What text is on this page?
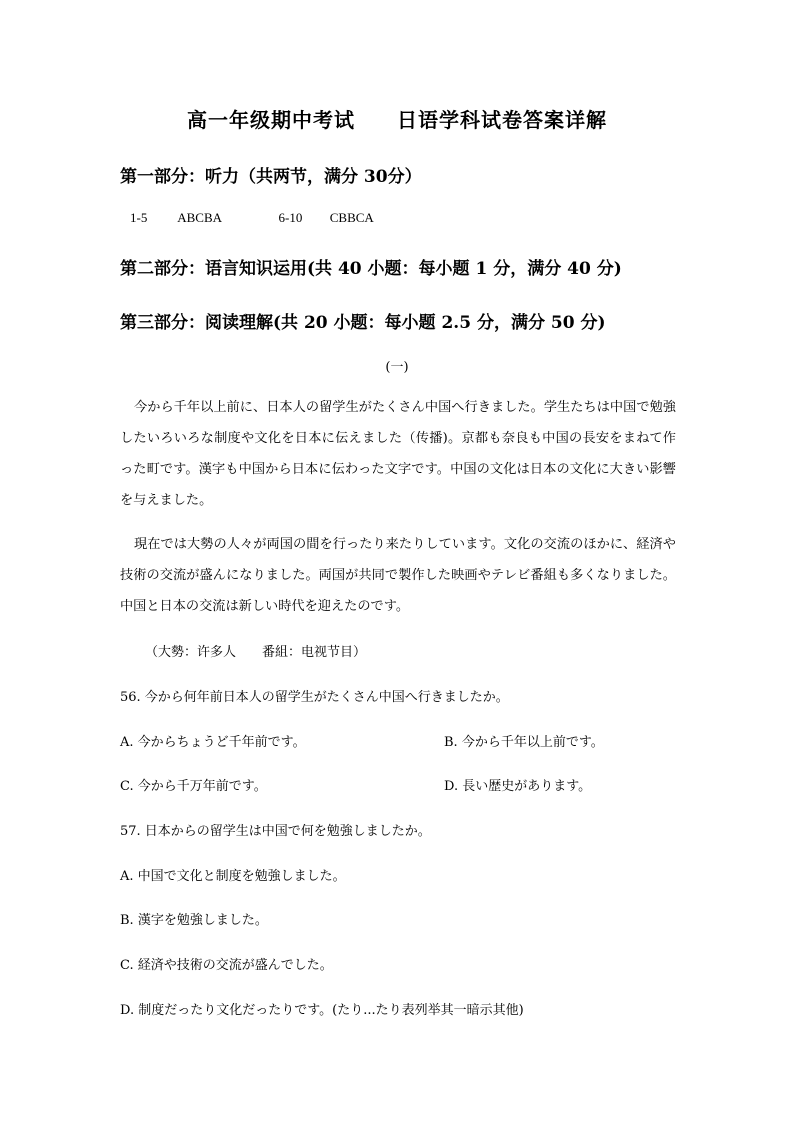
高一年级期中考试　　日语学科试卷答案详解
第一部分：听力（共两节，满分 30分）
1-5 ABCBA	6-10 CBBCA
第二部分：语言知识运用(共 40 小题：每小题 1 分，满分 40 分)
第三部分：阅读理解(共 20 小题：每小题 2.5 分，满分 50 分)
(一)
今から千年以上前に、日本人の留学生がたくさん中国へ行きました。学生たちは中国で勉強したいろいろな制度や文化を日本に伝えました（传播)。京都も奈良も中国の長安をまねて作った町です。漢字も中国から日本に伝わった文字です。中国の文化は日本の文化に大きい影響を与えました。
現在では大勢の人々が両国の間を行ったり来たりしています。文化の交流のほかに、経済や技術の交流が盛んになりました。両国が共同で製作した映画やテレビ番組も多くなりました。中国と日本の交流は新しい時代を迎えたのです。
（大勢：许多人　　番組：电视节目）
56. 今から何年前日本人の留学生がたくさん中国へ行きましたか。
A. 今からちょうど千年前です。	B. 今から千年以上前です。
C. 今から千万年前です。	D. 長い歴史があります。
57. 日本からの留学生は中国で何を勉強しましたか。
A. 中国で文化と制度を勉強しました。
B. 漢字を勉強しました。
C. 経済や技術の交流が盛んでした。
D. 制度だったり文化だったりです。(たり...たり表列举其一暗示其他)
